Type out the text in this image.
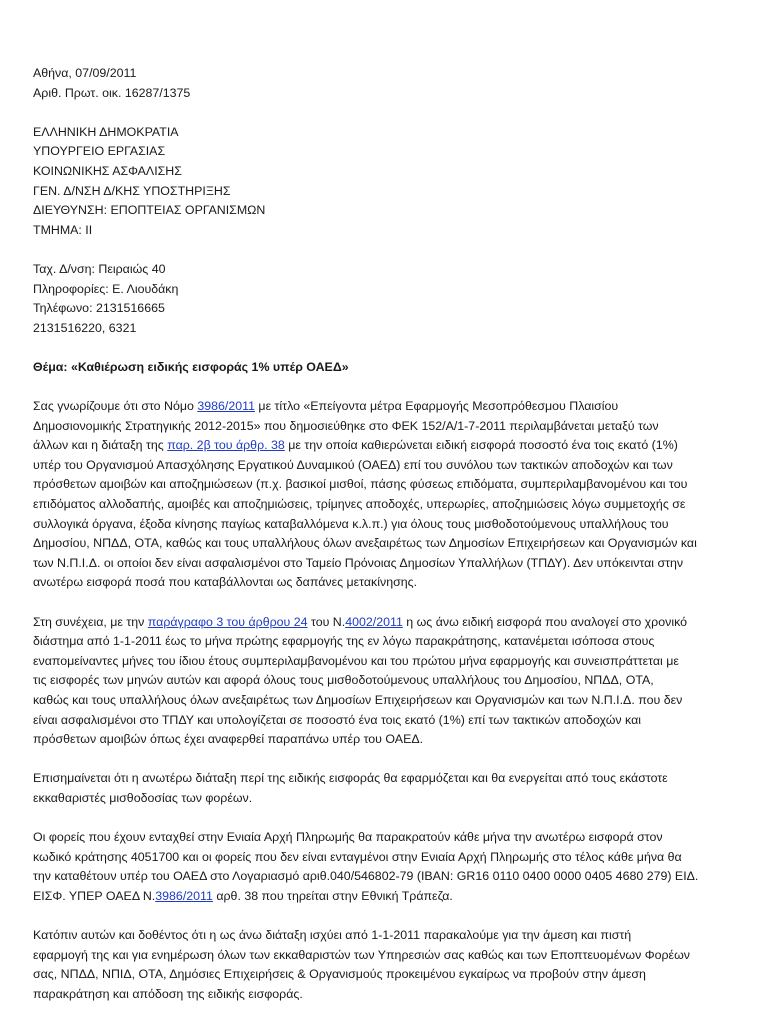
Αθήνα, 07/09/2011
Αριθ. Πρωτ. οικ. 16287/1375
ΕΛΛΗΝΙΚΗ ΔΗΜΟΚΡΑΤΙΑ
ΥΠΟΥΡΓΕΙΟ ΕΡΓΑΣΙΑΣ
ΚΟΙΝΩΝΙΚΗΣ ΑΣΦΑΛΙΣΗΣ
ΓΕΝ. Δ/ΝΣΗ Δ/ΚΗΣ ΥΠΟΣΤΗΡΙΞΗΣ
ΔΙΕΥΘΥΝΣΗ: ΕΠΟΠΤΕΙΑΣ ΟΡΓΑΝΙΣΜΩΝ
ΤΜΗΜΑ: ΙΙ
Ταχ. Δ/νση: Πειραιώς 40
Πληροφορίες: Ε. Λιουδάκη
Τηλέφωνο: 2131516665
2131516220, 6321
Θέμα: «Καθιέρωση ειδικής εισφοράς 1% υπέρ ΟΑΕΔ»
Σας γνωρίζουμε ότι στο Νόμο 3986/2011 με τίτλο «Επείγοντα μέτρα Εφαρμογής Μεσοπρόθεσμου Πλαισίου
Δημοσιονομικής Στρατηγικής 2012-2015» που δημοσιεύθηκε στο ΦΕΚ 152/Α/1-7-2011 περιλαμβάνεται μεταξύ των
άλλων και η διάταξη της παρ. 2β του άρθρ. 38 με την οποία καθιερώνεται ειδική εισφορά ποσοστό ένα τοις εκατό (1%)
υπέρ του Οργανισμού Απασχόλησης Εργατικού Δυναμικού (ΟΑΕΔ) επί του συνόλου των τακτικών αποδοχών και των
πρόσθετων αμοιβών και αποζημιώσεων (π.χ. βασικοί μισθοί, πάσης φύσεως επιδόματα, συμπεριλαμβανομένου και του
επιδόματος αλλοδαπής, αμοιβές και αποζημιώσεις, τρίμηνες αποδοχές, υπερωρίες, αποζημιώσεις λόγω συμμετοχής σε
συλλογικά όργανα, έξοδα κίνησης παγίως καταβαλλόμενα κ.λ.π.) για όλους τους μισθοδοτούμενους υπαλλήλους του
Δημοσίου, ΝΠΔΔ, ΟΤΑ, καθώς και τους υπαλλήλους όλων ανεξαιρέτως των Δημοσίων Επιχειρήσεων και Οργανισμών και
των Ν.Π.Ι.Δ. οι οποίοι δεν είναι ασφαλισμένοι στο Ταμείο Πρόνοιας Δημοσίων Υπαλλήλων (ΤΠΔΥ). Δεν υπόκεινται στην
ανωτέρω εισφορά ποσά που καταβάλλονται ως δαπάνες μετακίνησης.
Στη συνέχεια, με την παράγραφο 3 του άρθρου 24 του Ν.4002/2011 η ως άνω ειδική εισφορά που αναλογεί στο χρονικό
διάστημα από 1-1-2011 έως το μήνα πρώτης εφαρμογής της εν λόγω παρακράτησης, κατανέμεται ισόποσα στους
εναπομείναντες μήνες του ίδιου έτους συμπεριλαμβανομένου και του πρώτου μήνα εφαρμογής και συνεισπράττεται με
τις εισφορές των μηνών αυτών και αφορά όλους τους μισθοδοτούμενους υπαλλήλους του Δημοσίου, ΝΠΔΔ, ΟΤΑ,
καθώς και τους υπαλλήλους όλων ανεξαιρέτως των Δημοσίων Επιχειρήσεων και Οργανισμών και των Ν.Π.Ι.Δ. που δεν
είναι ασφαλισμένοι στο ΤΠΔΥ και υπολογίζεται σε ποσοστό ένα τοις εκατό (1%) επί των τακτικών αποδοχών και
πρόσθετων αμοιβών όπως έχει αναφερθεί παραπάνω υπέρ του ΟΑΕΔ.
Επισημαίνεται ότι η ανωτέρω διάταξη περί της ειδικής εισφοράς θα εφαρμόζεται και θα ενεργείται από τους εκάστοτε
εκκαθαριστές μισθοδοσίας των φορέων.
Οι φορείς που έχουν ενταχθεί στην Ενιαία Αρχή Πληρωμής θα παρακρατούν κάθε μήνα την ανωτέρω εισφορά στον
κωδικό κράτησης 4051700 και οι φορείς που δεν είναι ενταγμένοι στην Ενιαία Αρχή Πληρωμής στο τέλος κάθε μήνα θα
την καταθέτουν υπέρ του ΟΑΕΔ στο Λογαριασμό αριθ.040/546802-79 (IBAN: GR16 0110 0400 0000 0405 4680 279) ΕΙΔ.
ΕΙΣΦ. ΥΠΕΡ ΟΑΕΔ Ν.3986/2011 αρθ. 38 που τηρείται στην Εθνική Τράπεζα.
Κατόπιν αυτών και δοθέντος ότι η ως άνω διάταξη ισχύει από 1-1-2011 παρακαλούμε για την άμεση και πιστή
εφαρμογή της και για ενημέρωση όλων των εκκαθαριστών των Υπηρεσιών σας καθώς και των Εποπτευομένων Φορέων
σας, ΝΠΔΔ, ΝΠΙΔ, ΟΤΑ, Δημόσιες Επιχειρήσεις & Οργανισμούς προκειμένου εγκαίρως να προβούν στην άμεση
παρακράτηση και απόδοση της ειδικής εισφοράς.
